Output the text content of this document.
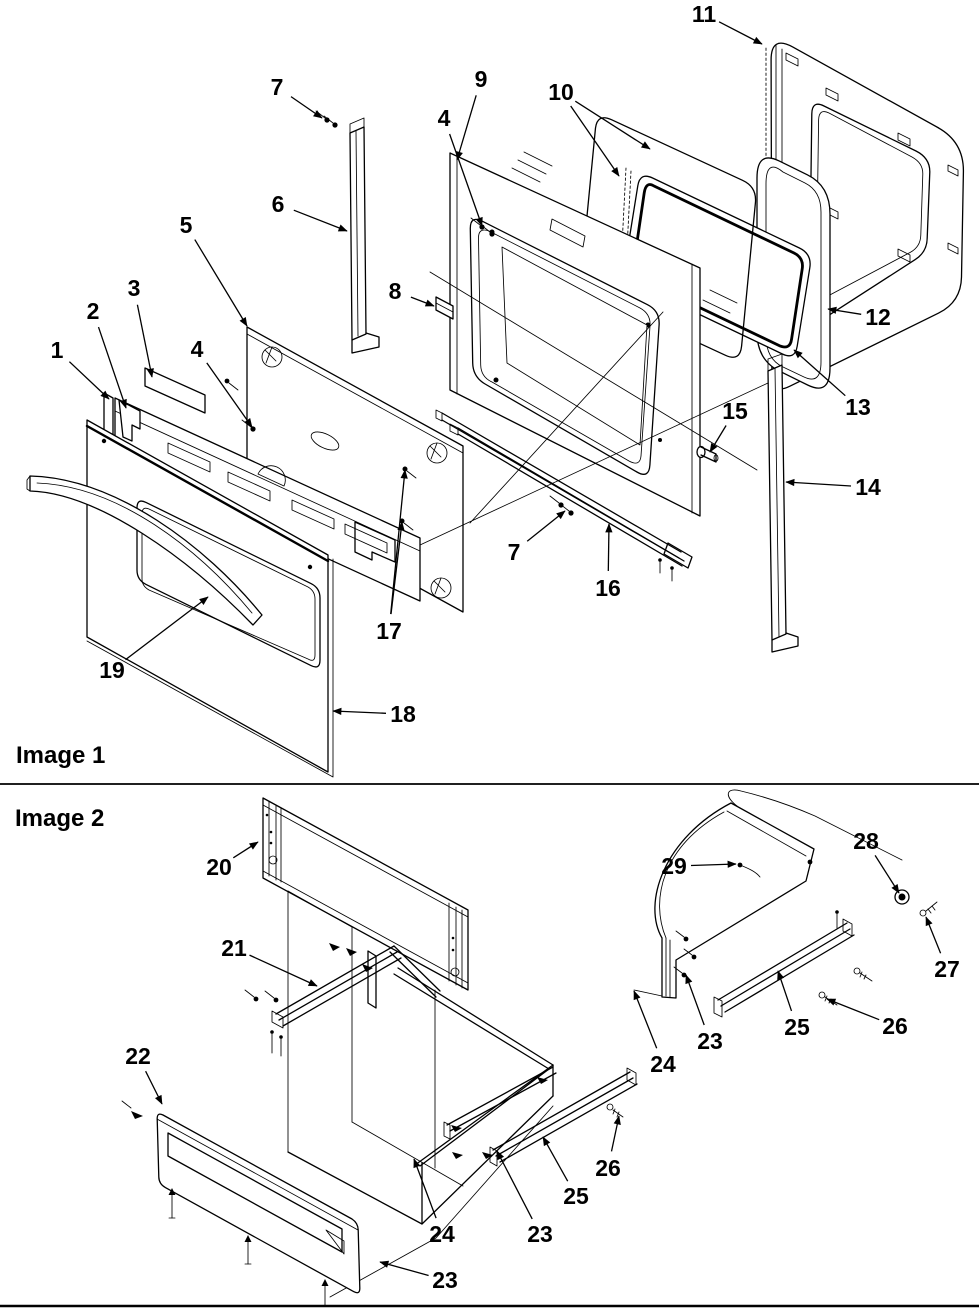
Image 1
1
2
3
4
4
5
6
7
7
8
9	10
11
12
13
14
15
16
17
18
19
Image 2
20
21
22
23
23
23
24
24
25
25
26
26
27
28
29
